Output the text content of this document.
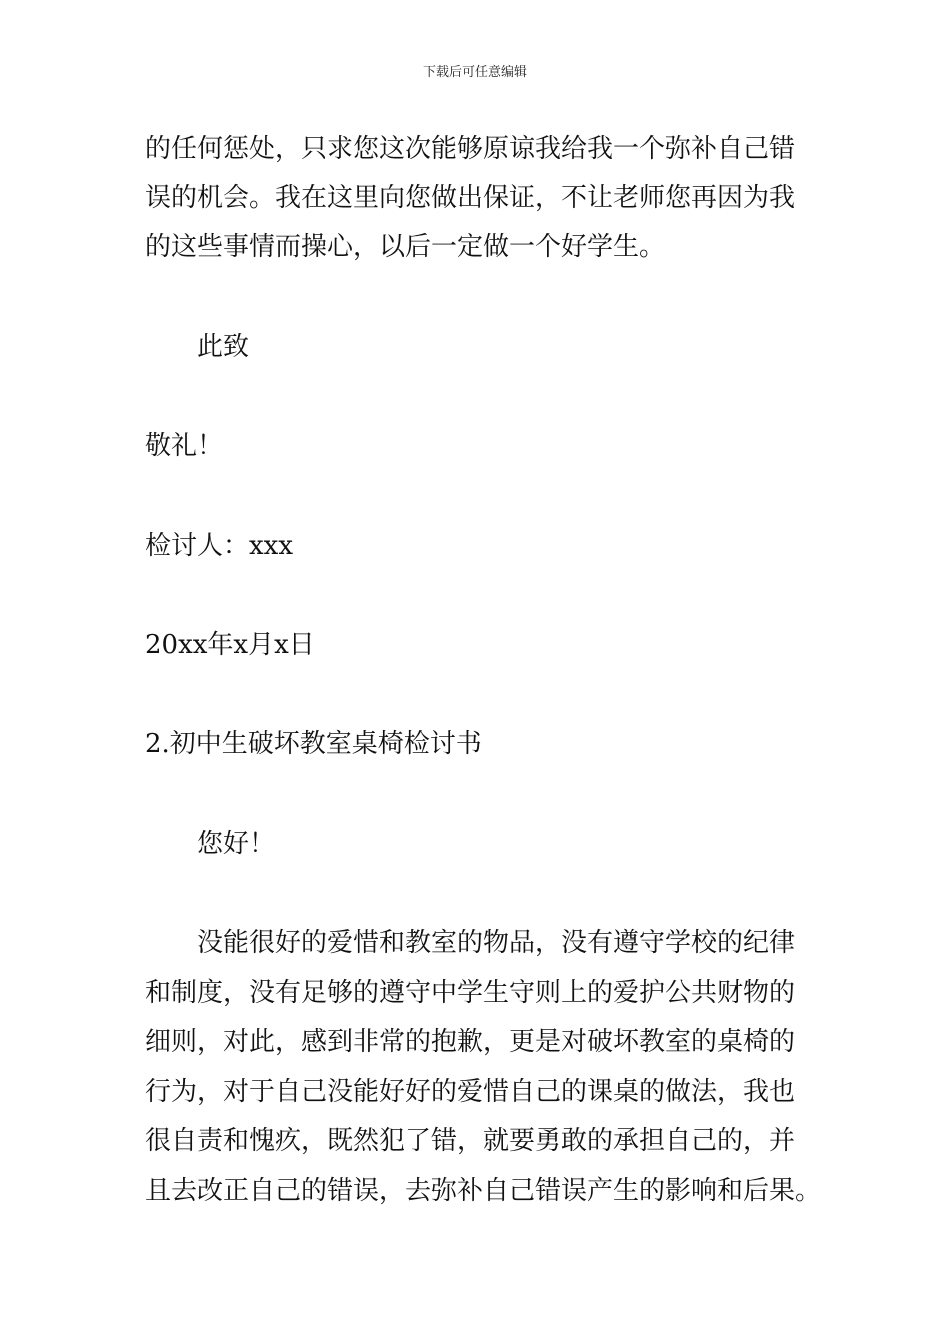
下载后可任意编辑

的任何惩处，只求您这次能够原谅我给我一个弥补自己错

误的机会。我在这里向您做出保证，不让老师您再因为我

的这些事情而操心，以后一定做一个好学生。

此致

敬礼！

检讨人：xxx

20xx年x月x日

2.初中生破坏教室桌椅检讨书

您好！

没能很好的爱惜和教室的物品，没有遵守学校的纪律

和制度，没有足够的遵守中学生守则上的爱护公共财物的

细则，对此，感到非常的抱歉，更是对破坏教室的桌椅的

行为，对于自己没能好好的爱惜自己的课桌的做法，我也

很自责和愧疚，既然犯了错，就要勇敢的承担自己的，并

且去改正自己的错误，去弥补自己错误产生的影响和后果。
